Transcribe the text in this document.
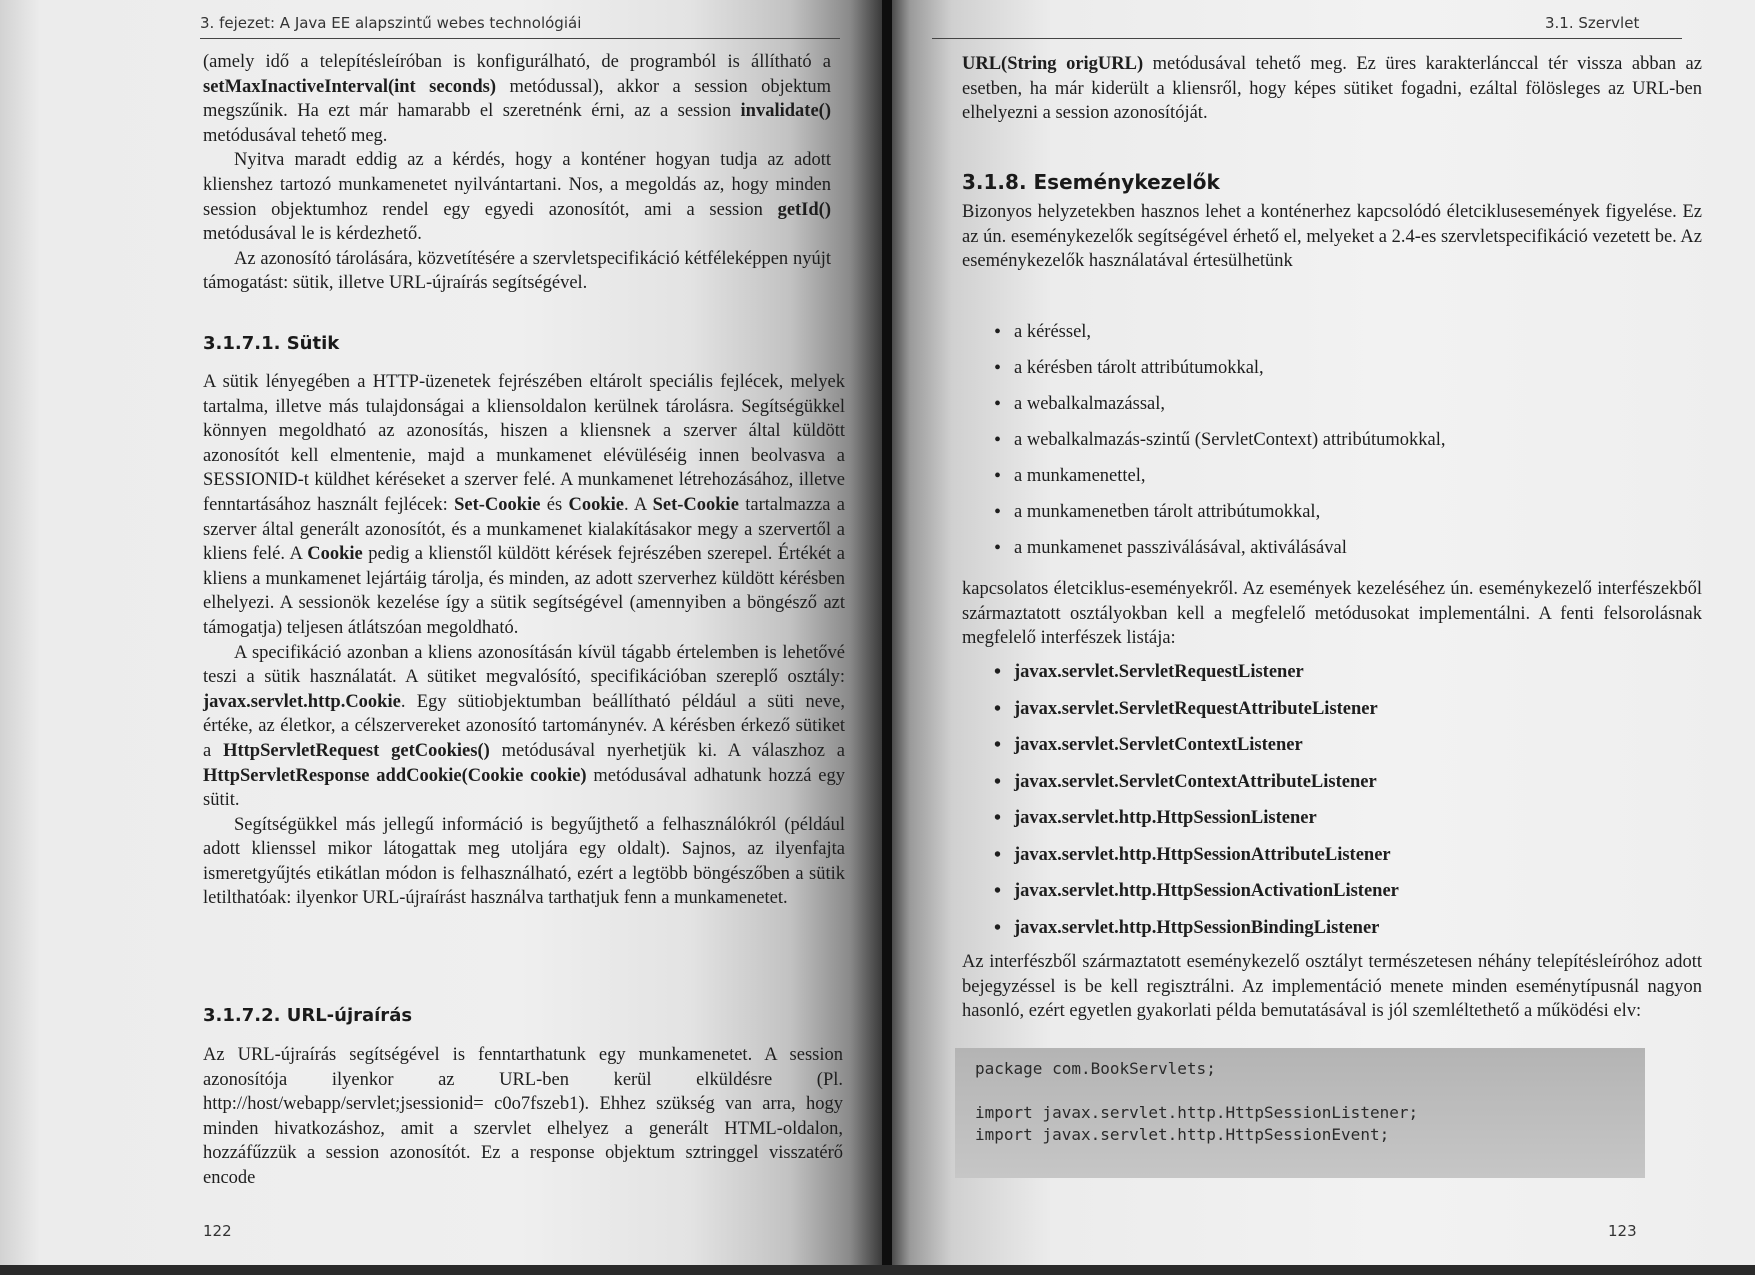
3. fejezet: A Java EE alapszintű webes technológiái

(amely idő a telepítésleíróban is konfigurálható, de programból is állítható a setMaxInactiveInterval(int seconds) metódussal), akkor a session objektum megszűnik. Ha ezt már hamarabb el szeretnénk érni, az a session invalidate() metódusával tehető meg.

Nyitva maradt eddig az a kérdés, hogy a konténer hogyan tudja az adott klienshez tartozó munkamenetet nyilvántartani. Nos, a megoldás az, hogy minden session objektumhoz rendel egy egyedi azonosítót, ami a session getId() metódusával le is kérdezhető.

Az azonosító tárolására, közvetítésére a szervletspecifikáció kétféleképpen nyújt támogatást: sütik, illetve URL-újraírás segítségével.

3.1.7.1. Sütik

A sütik lényegében a HTTP-üzenetek fejrészében eltárolt speciális fejlécek, melyek tartalma, illetve más tulajdonságai a kliensoldalon kerülnek tárolásra. Segítségükkel könnyen megoldható az azonosítás, hiszen a kliensnek a szerver által küldött azonosítót kell elmentenie, majd a munkamenet elévüléséig innen beolvasva a SESSIONID-t küldhet kéréseket a szerver felé. A munkamenet létrehozásához, illetve fenntartásához használt fejlécek: Set-Cookie és Cookie. A Set-Cookie tartalmazza a szerver által generált azonosítót, és a munkamenet kialakításakor megy a szervertől a kliens felé. A Cookie pedig a klienstől küldött kérések fejrészében szerepel. Értékét a kliens a munkamenet lejártáig tárolja, és minden, az adott szerverhez küldött kérésben elhelyezi. A sessionök kezelése így a sütik segítségével (amennyiben a böngésző azt támogatja) teljesen átlátszóan megoldható.

A specifikáció azonban a kliens azonosításán kívül tágabb értelemben is lehetővé teszi a sütik használatát. A sütiket megvalósító, specifikációban szereplő osztály: javax.servlet.http.Cookie. Egy sütiobjektumban beállítható például a süti neve, értéke, az életkor, a célszervereket azonosító tartománynév. A kérésben érkező sütiket a HttpServletRequest getCookies() metódusával nyerhetjük ki. A válaszhoz a HttpServletResponse addCookie(Cookie cookie) metódusával adhatunk hozzá egy sütit.

Segítségükkel más jellegű információ is begyűjthető a felhasználókról (például adott klienssel mikor látogattak meg utoljára egy oldalt). Sajnos, az ilyenfajta ismeretgyűjtés etikátlan módon is felhasználható, ezért a legtöbb böngészőben a sütik letilthatóak: ilyenkor URL-újraírást használva tarthatjuk fenn a munkamenetet.

3.1.7.2. URL-újraírás

Az URL-újraírás segítségével is fenntarthatunk egy munkamenetet. A session azonosítója ilyenkor az URL-ben kerül elküldésre (Pl. http://host/webapp/servlet;jsessionid= c0o7fszeb1). Ehhez szükség van arra, hogy minden hivatkozáshoz, amit a szervlet elhelyez a generált HTML-oldalon, hozzáfűzzük a session azonosítót. Ez a response objektum sztringgel visszatérő encode

122
3.1. Szervlet

URL(String origURL) metódusával tehető meg. Ez üres karakterlánccal tér vissza abban az esetben, ha már kiderült a kliensről, hogy képes sütiket fogadni, ezáltal fölösleges az URL-ben elhelyezni a session azonosítóját.

3.1.8. Eseménykezelők

Bizonyos helyzetekben hasznos lehet a konténerhez kapcsolódó életciklusesemények figyelése. Ez az ún. eseménykezelők segítségével érhető el, melyeket a 2.4-es szervletspecifikáció vezetett be. Az eseménykezelők használatával értesülhetünk

• a kéréssel,
• a kérésben tárolt attribútumokkal,
• a webalkalmazással,
• a webalkalmazás-szintű (ServletContext) attribútumokkal,
• a munkamenettel,
• a munkamenetben tárolt attribútumokkal,
• a munkamenet passziválásával, aktiválásával

kapcsolatos életciklus-eseményekről. Az események kezeléséhez ún. eseménykezelő interfészekből származtatott osztályokban kell a megfelelő metódusokat implementálni. A fenti felsorolásnak megfelelő interfészek listája:

• javax.servlet.ServletRequestListener
• javax.servlet.ServletRequestAttributeListener
• javax.servlet.ServletContextListener
• javax.servlet.ServletContextAttributeListener
• javax.servlet.http.HttpSessionListener
• javax.servlet.http.HttpSessionAttributeListener
• javax.servlet.http.HttpSessionActivationListener
• javax.servlet.http.HttpSessionBindingListener

Az interfészből származtatott eseménykezelő osztályt természetesen néhány telepítésleíróhoz adott bejegyzéssel is be kell regisztrálni. Az implementáció menete minden eseménytípusnál nagyon hasonló, ezért egyetlen gyakorlati példa bemutatásával is jól szemléltethető a működési elv:

123
package com.BookServlets;

import javax.servlet.http.HttpSessionListener;
import javax.servlet.http.HttpSessionEvent;
